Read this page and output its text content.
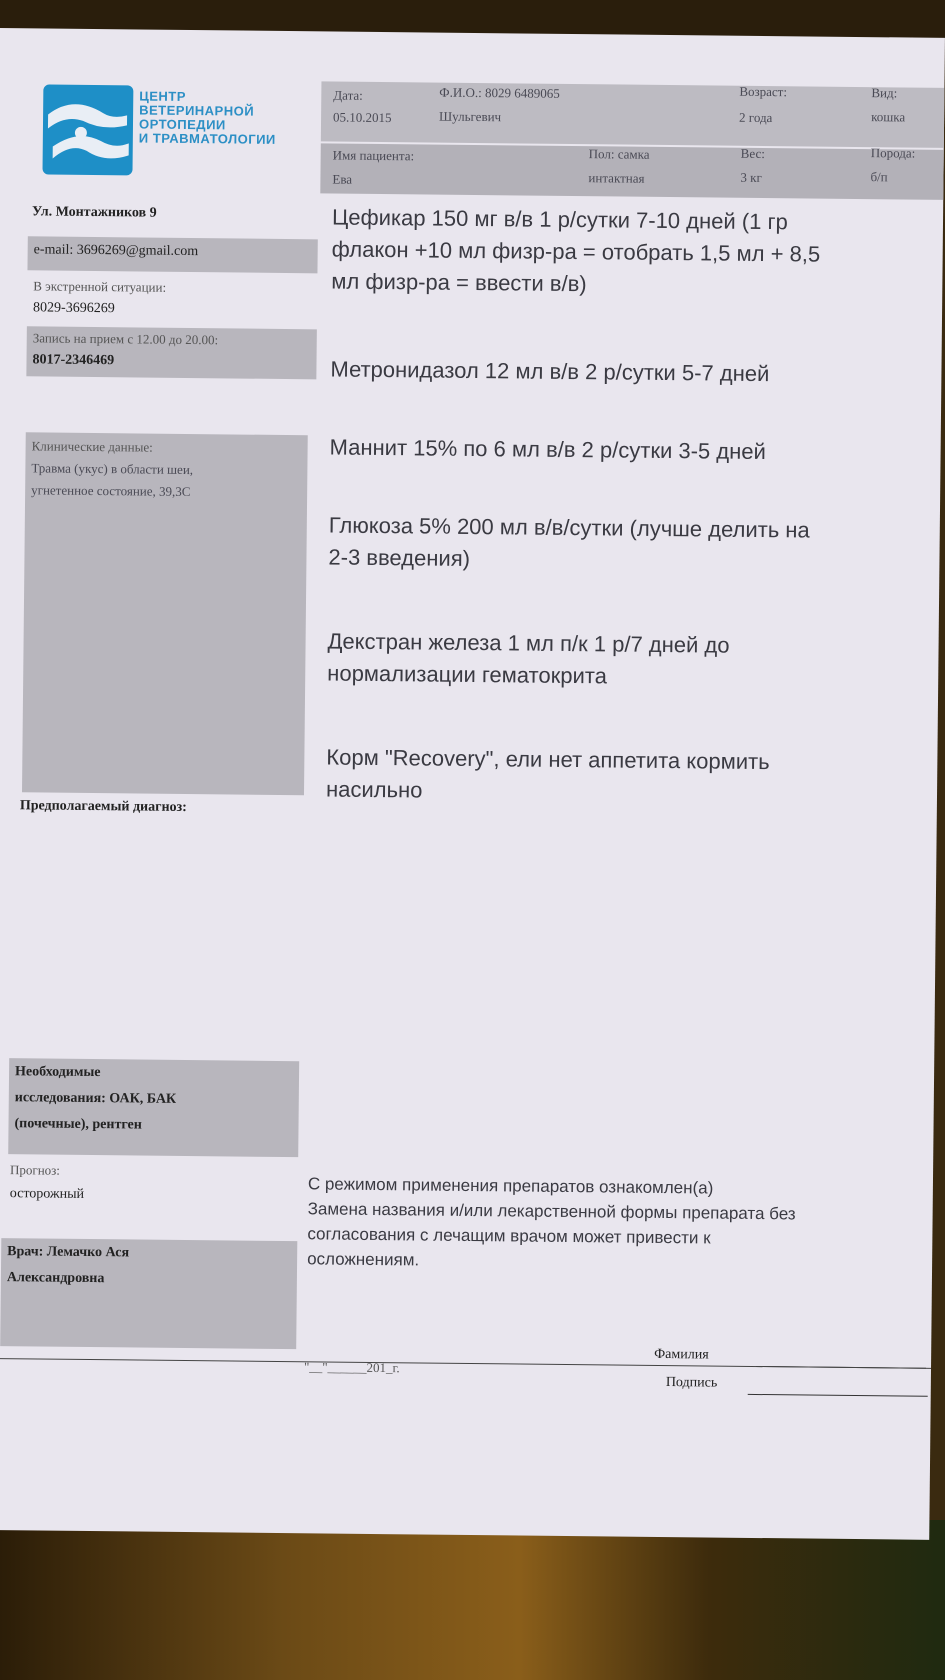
ЦЕНТР
ВЕТЕРИНАРНОЙ
ОРТОПЕДИИ
И ТРАВМАТОЛОГИИ
Дата:
05.10.2015
Ф.И.О.: 8029 6489065
Шульгевич
Возраст:
2 года
Вид:
кошка
Имя пациента:
Ева
Пол: самка
интактная
Вес:
3 кг
Порода:
б/п
Ул. Монтажников 9
e-mail: 3696269@gmail.com
В экстренной ситуации:
8029-3696269
Запись на прием с 12.00 до 20.00:
8017-2346469
Клинические данные:
Травма (укус) в области шеи,
угнетенное состояние, 39,3С
Предполагаемый диагноз:
Необходимые
исследования: ОАК, БАК
(почечные), рентген
Прогноз:
осторожный
Врач: Лемачко Ася
Александровна
Цефикар 150 мг в/в 1 р/сутки 7-10 дней (1 гр
флакон +10 мл физр-ра = отобрать 1,5 мл + 8,5
мл физр-ра = ввести в/в)
Метронидазол 12 мл в/в 2 р/сутки 5-7 дней
Маннит 15% по 6 мл в/в 2 р/сутки 3-5 дней
Глюкоза 5% 200 мл в/в/сутки (лучше делить на
2-3 введения)
Декстран железа 1 мл п/к 1 р/7 дней до
нормализации гематокрита
Корм "Recovery", ели нет аппетита кормить
насильно
С режимом применения препаратов ознакомлен(а)
Замена названия и/или лекарственной формы препарата без
согласования с лечащим врачом может привести к
осложнениям.
"__"______201_г.
Фамилия
Подпись
